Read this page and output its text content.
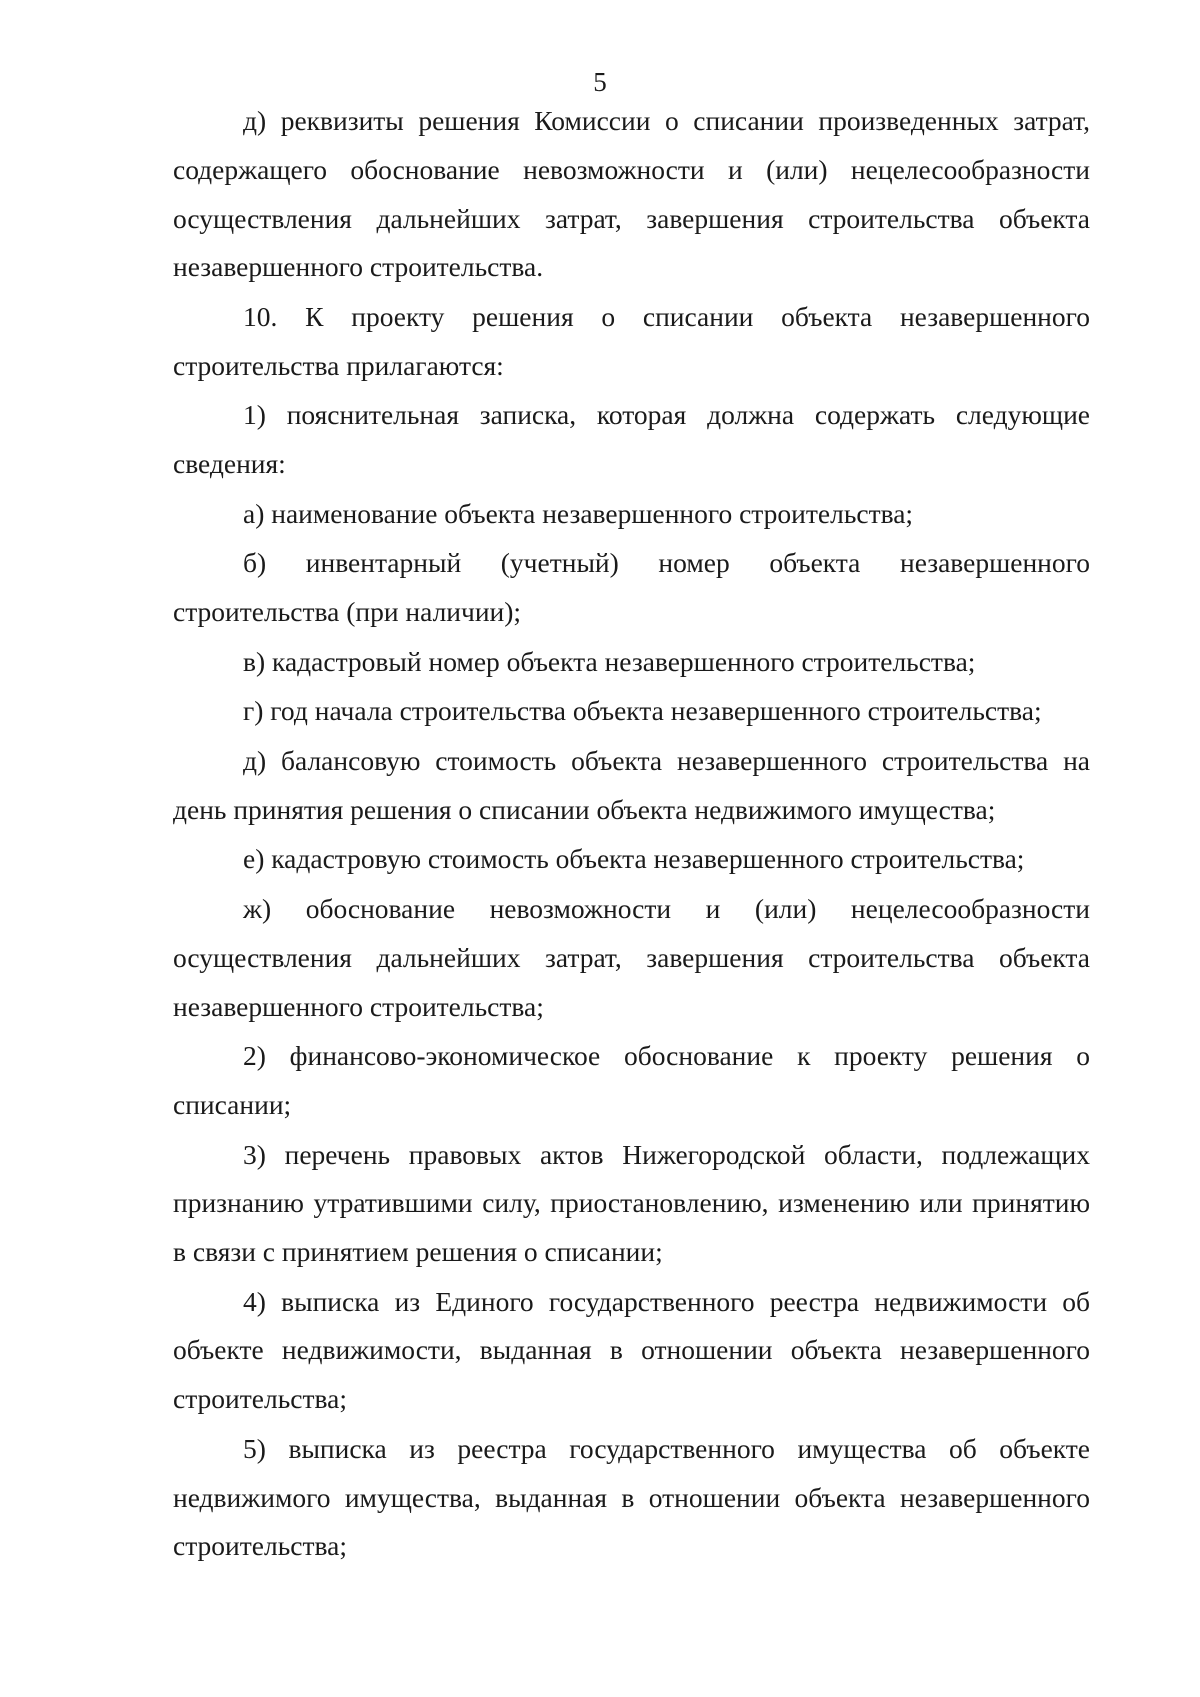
5

д) реквизиты решения Комиссии о списании произведенных затрат, содержащего обоснование невозможности и (или) нецелесообразности осуществления дальнейших затрат, завершения строительства объекта незавершенного строительства.

10. К проекту решения о списании объекта незавершенного строительства прилагаются:

1) пояснительная записка, которая должна содержать следующие сведения:

а) наименование объекта незавершенного строительства;

б) инвентарный (учетный) номер объекта незавершенного строительства (при наличии);

в) кадастровый номер объекта незавершенного строительства;

г) год начала строительства объекта незавершенного строительства;

д) балансовую стоимость объекта незавершенного строительства на день принятия решения о списании объекта недвижимого имущества;

е) кадастровую стоимость объекта незавершенного строительства;

ж) обоснование невозможности и (или) нецелесообразности осуществления дальнейших затрат, завершения строительства объекта незавершенного строительства;

2) финансово-экономическое обоснование к проекту решения о списании;

3) перечень правовых актов Нижегородской области, подлежащих признанию утратившими силу, приостановлению, изменению или принятию в связи с принятием решения о списании;

4) выписка из Единого государственного реестра недвижимости об объекте недвижимости, выданная в отношении объекта незавершенного строительства;

5) выписка из реестра государственного имущества об объекте недвижимого имущества, выданная в отношении объекта незавершенного строительства;
